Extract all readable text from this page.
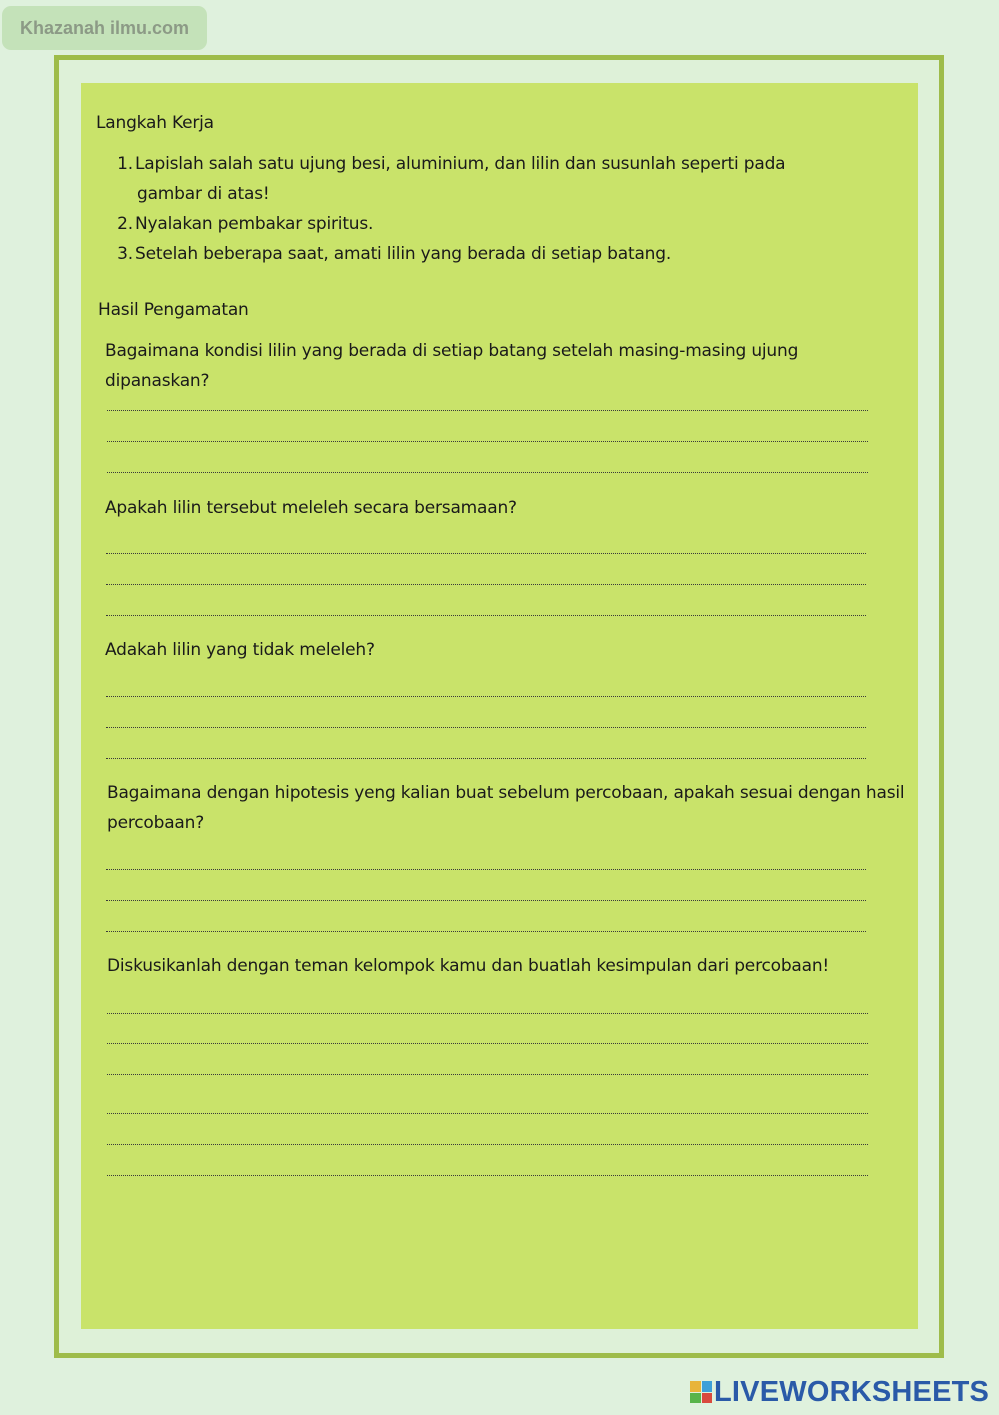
Khazanah ilmu.com
Langkah Kerja
1. Lapislah salah satu ujung besi, aluminium, dan lilin dan susunlah seperti pada
gambar di atas!
2. Nyalakan pembakar spiritus.
3. Setelah beberapa saat, amati lilin yang berada di setiap batang.
Hasil Pengamatan
Bagaimana kondisi lilin yang berada di setiap batang setelah masing-masing ujung
dipanaskan?
Apakah lilin tersebut meleleh secara bersamaan?
Adakah lilin yang tidak meleleh?
Bagaimana dengan hipotesis yeng kalian buat sebelum percobaan, apakah sesuai dengan hasil
percobaan?
Diskusikanlah dengan teman kelompok kamu dan buatlah kesimpulan dari percobaan!
LIVEWORKSHEETS
